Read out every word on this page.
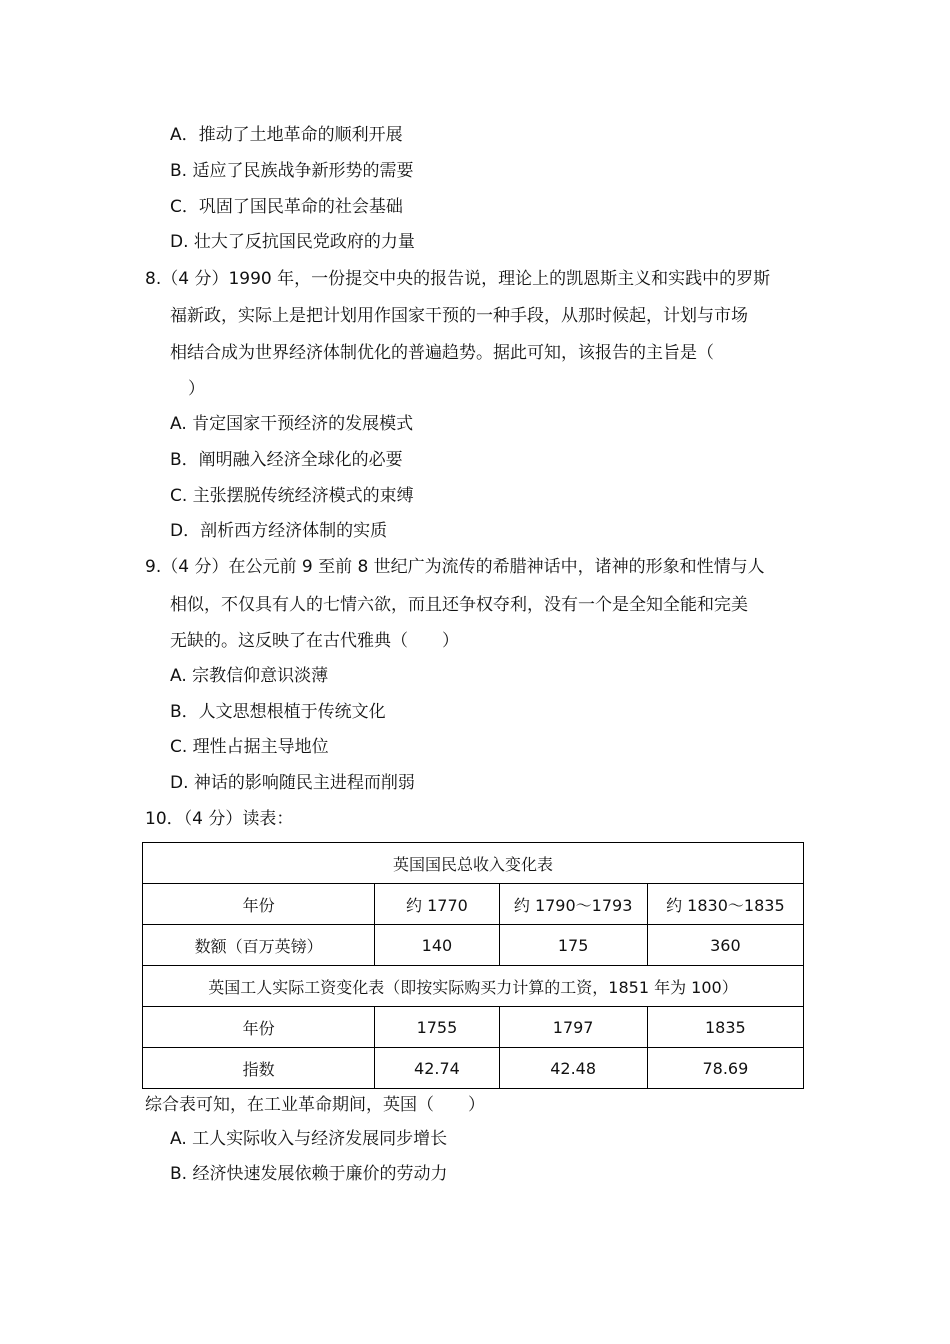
A．推动了土地革命的顺利开展
B. 适应了民族战争新形势的需要
C．巩固了国民革命的社会基础
D. 壮大了反抗国民党政府的力量
8.（4 分）1990 年，一份提交中央的报告说，理论上的凯恩斯主义和实践中的罗斯
福新政，实际上是把计划用作国家干预的一种手段，从那时候起，计划与市场
相结合成为世界经济体制优化的普遍趋势。据此可知，该报告的主旨是（
）
A. 肯定国家干预经济的发展模式
B．阐明融入经济全球化的必要
C. 主张摆脱传统经济模式的束缚
D．剖析西方经济体制的实质
9.（4 分）在公元前 9 至前 8 世纪广为流传的希腊神话中，诸神的形象和性情与人
相似，不仅具有人的七情六欲，而且还争权夺利，没有一个是全知全能和完美
无缺的。这反映了在古代雅典（　　）
A. 宗教信仰意识淡薄
B．人文思想根植于传统文化
C. 理性占据主导地位
D. 神话的影响随民主进程而削弱
10．（4 分）读表：
英国国民总收入变化表			
年份	约 1770	约 1790～1793	约 1830～1835
数额（百万英镑）	140	175	360
英国工人实际工资变化表（即按实际购买力计算的工资，1851 年为 100）			
年份	1755	1797	1835
指数	42.74	42.48	78.69
综合表可知，在工业革命期间，英国（　　）
A. 工人实际收入与经济发展同步增长
B. 经济快速发展依赖于廉价的劳动力
